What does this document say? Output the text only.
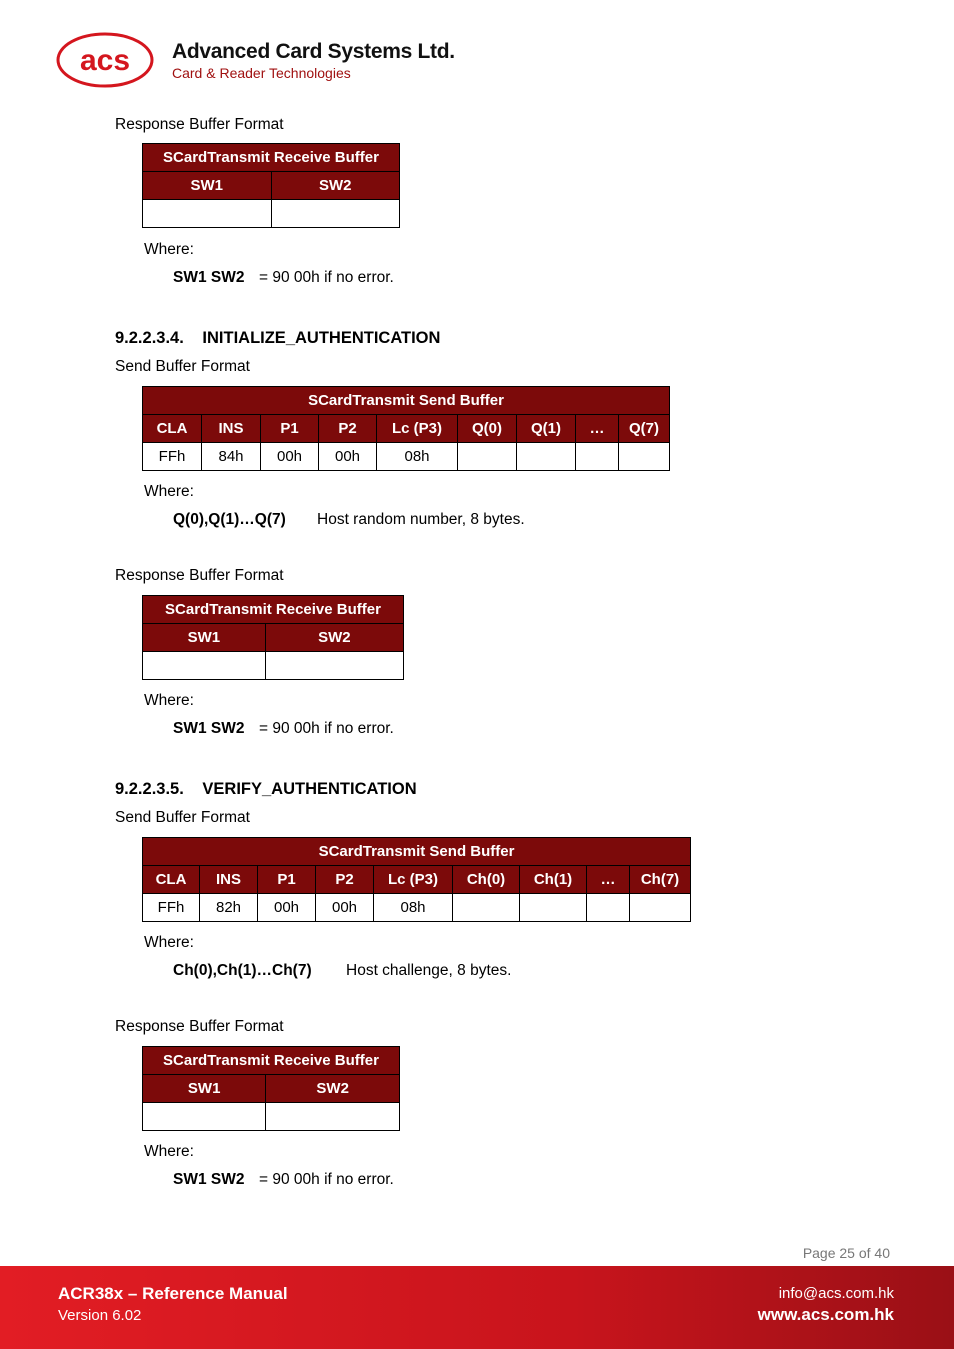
acs Advanced Card Systems Ltd.
Card & Reader Technologies
Response Buffer Format
SCardTransmit Receive Buffer	
SW1	SW2

Where:
SW1 SW2 = 90 00h if no error.
9.2.2.3.4. INITIALIZE_AUTHENTICATION
Send Buffer Format
SCardTransmit Send Buffer								
CLA	INS	P1	P2	Lc (P3)	Q(0)	Q(1)	…	Q(7)
FFh	84h	00h	00h	08h				
Where:
Q(0),Q(1)…Q(7) Host random number, 8 bytes.
Response Buffer Format
SCardTransmit Receive Buffer	
SW1	SW2

Where:
SW1 SW2 = 90 00h if no error.
9.2.2.3.5. VERIFY_AUTHENTICATION
Send Buffer Format
SCardTransmit Send Buffer								
CLA	INS	P1	P2	Lc (P3)	Ch(0)	Ch(1)	…	Ch(7)
FFh	82h	00h	00h	08h				
Where:
Ch(0),Ch(1)…Ch(7) Host challenge, 8 bytes.
Response Buffer Format
SCardTransmit Receive Buffer	
SW1	SW2

Where:
SW1 SW2 = 90 00h if no error.
Page 25 of 40
ACR38x – Reference Manual
Version 6.02
info@acs.com.hk
www.acs.com.hk
